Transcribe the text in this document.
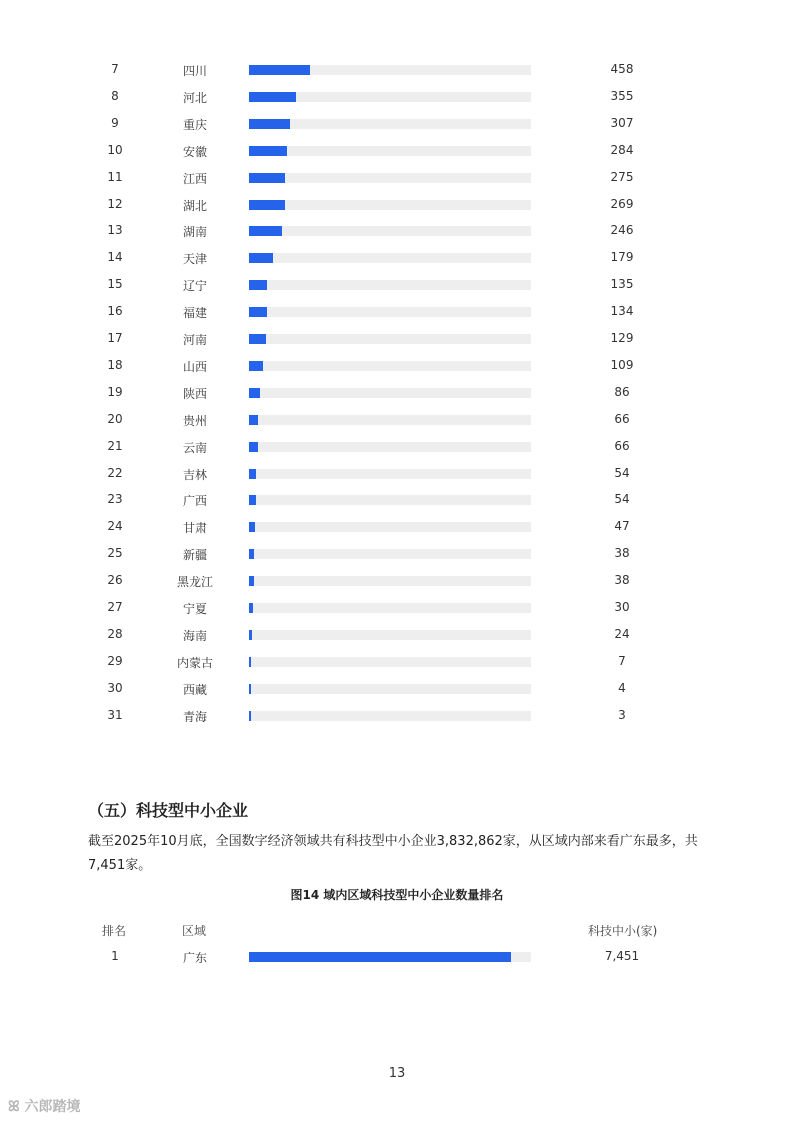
7	四川	458
8	河北	355
9	重庆	307
10	安徽	284
11	江西	275
12	湖北	269
13	湖南	246
14	天津	179
15	辽宁	135
16	福建	134
17	河南	129
18	山西	109
19	陕西	86
20	贵州	66
21	云南	66
22	吉林	54
23	广西	54
24	甘肃	47
25	新疆	38
26	黑龙江	38
27	宁夏	30
28	海南	24
29	内蒙古	7
30	西藏	4
31	青海	3
（五）科技型中小企业
截至2025年10月底，全国数字经济领域共有科技型中小企业3,832,862家，从区域内部来看广东最多，共7,451家。
图14 域内区域科技型中小企业数量排名
排名	区域	科技中小(家)
1	广东	7,451
13
ꕤ 六郎踏境
